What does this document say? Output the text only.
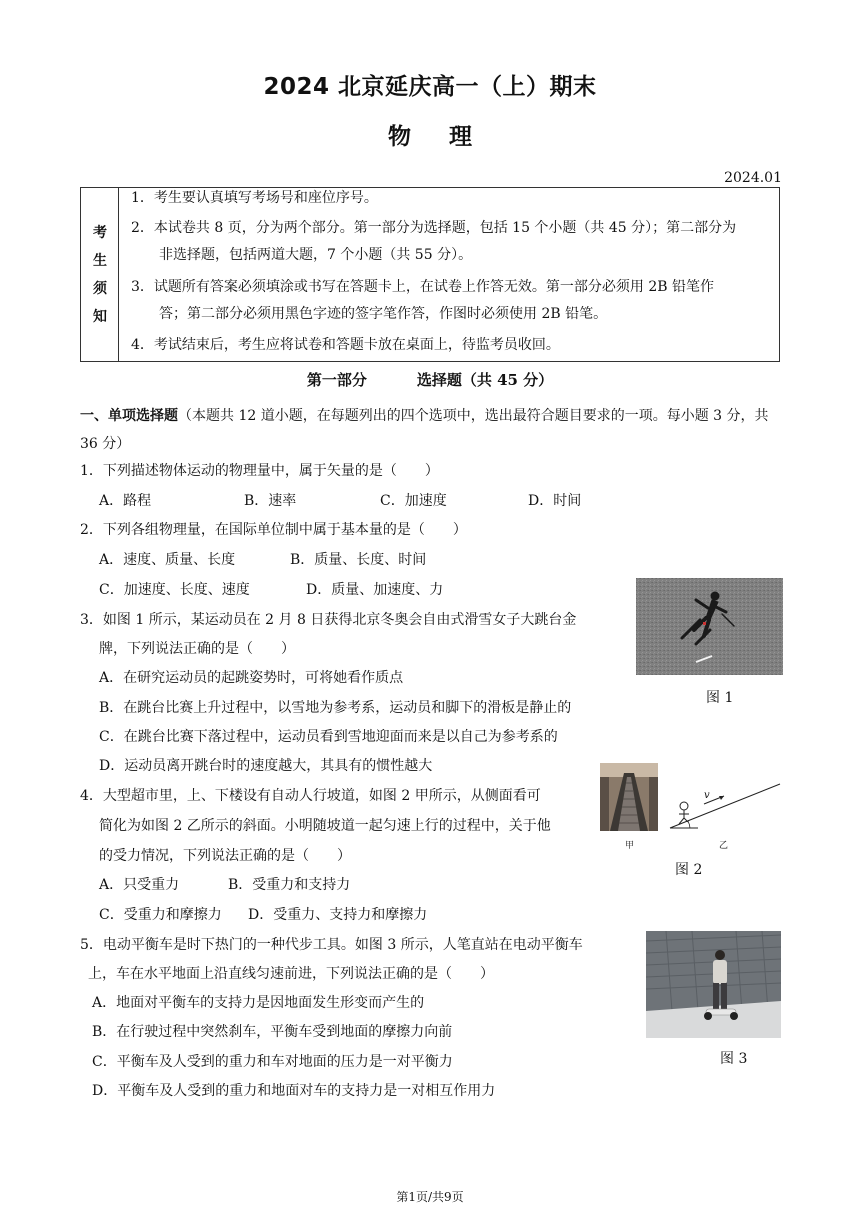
2024 北京延庆高一（上）期末
物理
2024.01
考
生
须
知
1．考生要认真填写考场号和座位序号。
2．本试卷共 8 页，分为两个部分。第一部分为选择题，包括 15 个小题（共 45 分）；第二部分为
非选择题，包括两道大题，7 个小题（共 55 分）。
3．试题所有答案必须填涂或书写在答题卡上，在试卷上作答无效。第一部分必须用 2B 铅笔作
答；第二部分必须用黑色字迹的签字笔作答，作图时必须使用 2B 铅笔。
4．考试结束后，考生应将试卷和答题卡放在桌面上，待监考员收回。
第一部分	选择题（共 45 分）
一、单项选择题（本题共 12 道小题，在每题列出的四个选项中，选出最符合题目要求的一项。每小题 3 分，共 36 分）
1．下列描述物体运动的物理量中，属于矢量的是（　　）
A．路程	B．速率	C．加速度	D．时间
2．下列各组物理量，在国际单位制中属于基本量的是（　　）
A．速度、质量、长度	B．质量、长度、时间
C．加速度、长度、速度	D．质量、加速度、力
3．如图 1 所示，某运动员在 2 月 8 日获得北京冬奥会自由式滑雪女子大跳台金
牌，下列说法正确的是（　　）
A．在研究运动员的起跳姿势时，可将她看作质点
B．在跳台比赛上升过程中，以雪地为参考系，运动员和脚下的滑板是静止的
C．在跳台比赛下落过程中，运动员看到雪地迎面而来是以自己为参考系的
D．运动员离开跳台时的速度越大，其具有的惯性越大
图 1
4．大型超市里，上、下楼设有自动人行坡道，如图 2 甲所示，从侧面看可
简化为如图 2 乙所示的斜面。小明随坡道一起匀速上行的过程中，关于他
的受力情况，下列说法正确的是（　　）
A．只受重力	B．受重力和支持力
C．受重力和摩擦力 D．受重力、支持力和摩擦力
甲
v
乙
图 2
5．电动平衡车是时下热门的一种代步工具。如图 3 所示，人笔直站在电动平衡车
上，车在水平地面上沿直线匀速前进，下列说法正确的是（　　）
A．地面对平衡车的支持力是因地面发生形变而产生的
B．在行驶过程中突然刹车，平衡车受到地面的摩擦力向前
C．平衡车及人受到的重力和车对地面的压力是一对平衡力
D．平衡车及人受到的重力和地面对车的支持力是一对相互作用力
图 3
第1页/共9页
